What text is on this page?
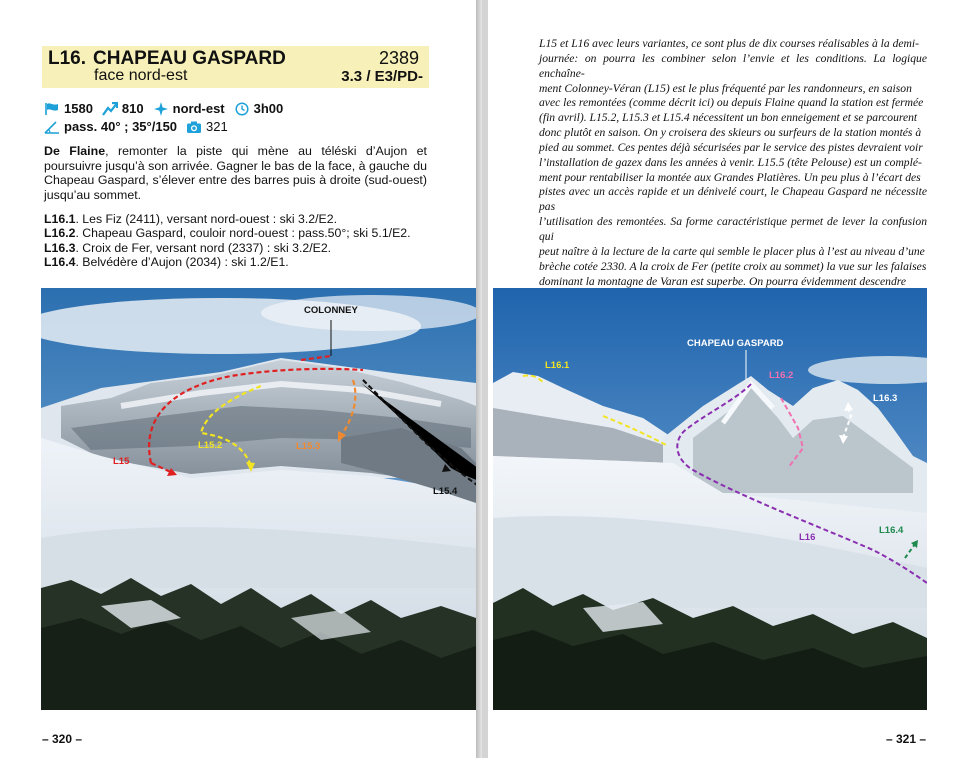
L16. CHAPEAU GASPARD
face nord-est
2389
3.3 / E3/PD-
1580 810 nord-est 3h00
pass. 40° ; 35°/150 321
De Flaine, remonter la piste qui mène au téléski d’Aujon et poursuivre jusqu’à son arrivée. Gagner le bas de la face, à gauche du Chapeau Gaspard, s’élever entre des barres puis à droite (sud-ouest) jusqu’au sommet.
L16.1. Les Fiz (2411), versant nord-ouest : ski 3.2/E2.
L16.2. Chapeau Gaspard, couloir nord-ouest : pass.50°; ski 5.1/E2.
L16.3. Croix de Fer, versant nord (2337) : ski 3.2/E2.
L16.4. Belvédère d’Aujon (2034) : ski 1.2/E1.
COLONNEY
L15
L15.2	L15.3
L15.4
– 320 –
L15 et L16 avec leurs variantes, ce sont plus de dix courses réalisables à la demi-
journée: on pourra les combiner selon l’envie et les conditions. La logique enchaîne-
ment Colonney-Véran (L15) est le plus fréquenté par les randonneurs, en saison
avec les remontées (comme décrit ici) ou depuis Flaine quand la station est fermée
(fin avril). L15.2, L15.3 et L15.4 nécessitent un bon enneigement et se parcourent
donc plutôt en saison. On y croisera des skieurs ou surfeurs de la station montés à
pied au sommet. Ces pentes déjà sécurisées par le service des pistes devraient voir
l’installation de gazex dans les années à venir. L15.5 (tête Pelouse) est un complé-
ment pour rentabiliser la montée aux Grandes Platières. Un peu plus à l’écart des
pistes avec un accès rapide et un dénivelé court, le Chapeau Gaspard ne nécessite pas
l’utilisation des remontées. Sa forme caractéristique permet de lever la confusion qui
peut naître à la lecture de la carte qui semble le placer plus à l’est au niveau d’une
brèche cotée 2330. A la croix de Fer (petite croix au sommet) la vue sur les falaises
dominant la montagne de Varan est superbe. On pourra évidemment descendre
CHAPEAU GASPARD
L16.1
L16.2
L16.3
L16
L16.4
– 321 –
